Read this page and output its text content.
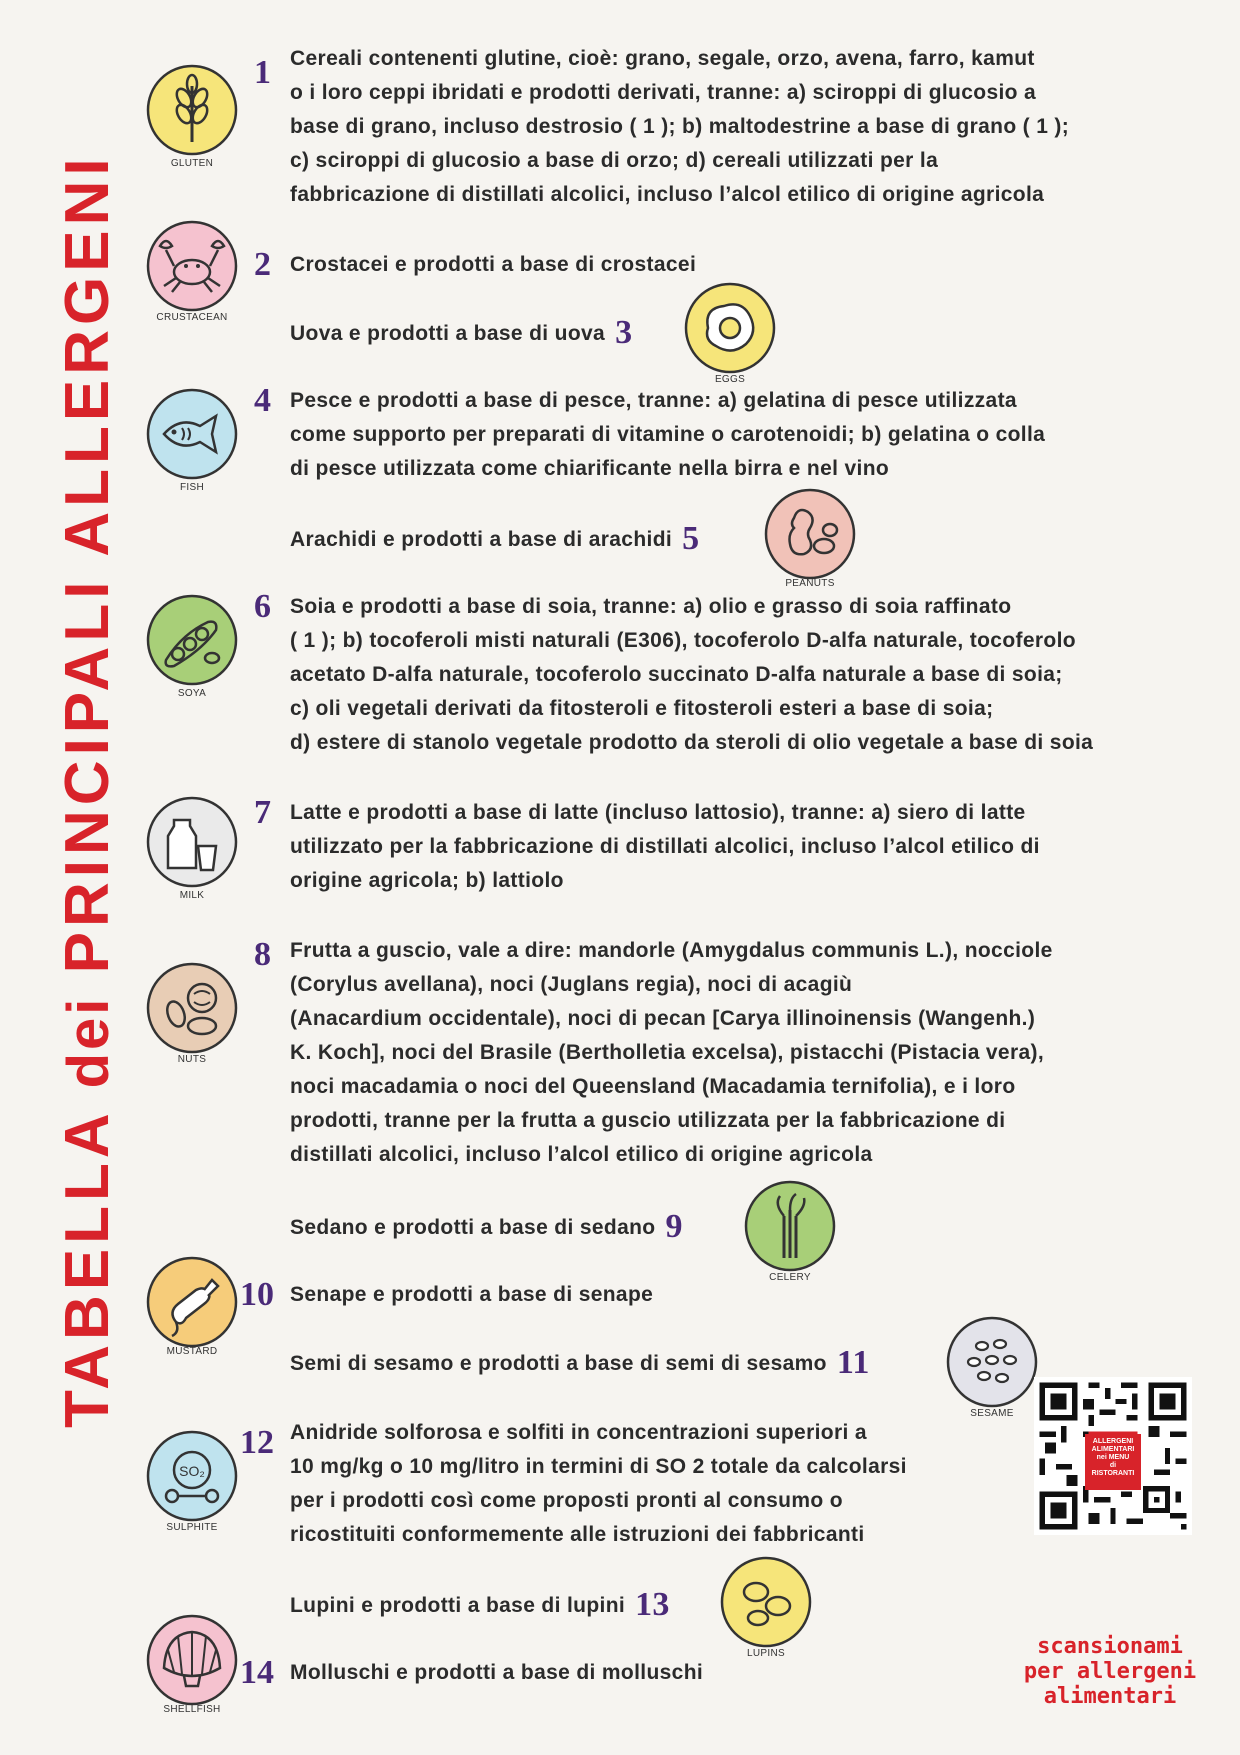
TABELLA dei PRINCIPALI ALLERGENI	GLUTEN
1 Cereali contenenti glutine, cioè: grano, segale, orzo, avena, farro, kamut
o i loro ceppi ibridati e prodotti derivati, tranne: a) sciroppi di glucosio a
base di grano, incluso destrosio ( 1 ); b) maltodestrine a base di grano ( 1 );
c) sciroppi di glucosio a base di orzo; d) cereali utilizzati per la
fabbricazione di distillati alcolici, incluso l’alcol etilico di origine agricola

CRUSTACEAN
2 Crostacei e prodotti a base di crostacei

Uova e prodotti a base di uova 3

EGGS
FISH
4 Pesce e prodotti a base di pesce, tranne: a) gelatina di pesce utilizzata
come supporto per preparati di vitamine o carotenoidi; b) gelatina o colla
di pesce utilizzata come chiarificante nella birra e nel vino

Arachidi e prodotti a base di arachidi 5

PEANUTS
SOYA
6 Soia e prodotti a base di soia, tranne: a) olio e grasso di soia raffinato
( 1 ); b) tocoferoli misti naturali (E306), tocoferolo D-alfa naturale, tocoferolo
acetato D-alfa naturale, tocoferolo succinato D-alfa naturale a base di soia;
c) oli vegetali derivati da fitosteroli e fitosteroli esteri a base di soia;
d) estere di stanolo vegetale prodotto da steroli di olio vegetale a base di soia

MILK
7 Latte e prodotti a base di latte (incluso lattosio), tranne: a) siero di latte
utilizzato per la fabbricazione di distillati alcolici, incluso l’alcol etilico di
origine agricola; b) lattiolo

NUTS
8 Frutta a guscio, vale a dire: mandorle (Amygdalus communis L.), nocciole
(Corylus avellana), noci (Juglans regia), noci di acagiù
(Anacardium occidentale), noci di pecan [Carya illinoinensis (Wangenh.)
K. Koch], noci del Brasile (Bertholletia excelsa), pistacchi (Pistacia vera),
noci macadamia o noci del Queensland (Macadamia ternifolia), e i loro
prodotti, tranne per la frutta a guscio utilizzata per la fabbricazione di
distillati alcolici, incluso l’alcol etilico di origine agricola

Sedano e prodotti a base di sedano 9

CELERY
MUSTARD
10 Senape e prodotti a base di senape

Semi di sesamo e prodotti a base di semi di sesamo 11

SESAME
SO₂
SULPHITE
12 Anidride solforosa e solfiti in concentrazioni superiori a
10 mg/kg o 10 mg/litro in termini di SO 2 totale da calcolarsi
per i prodotti così come proposti pronti al consumo o
ricostituiti conformemente alle istruzioni dei fabbricanti

Lupini e prodotti a base di lupini 13

LUPINS
SHELLFISH
14 Molluschi e prodotti a base di molluschi

ALLERGENI
ALIMENTARI
nei MENU
di
RISTORANTI
scansionami
per allergeni
alimentari
